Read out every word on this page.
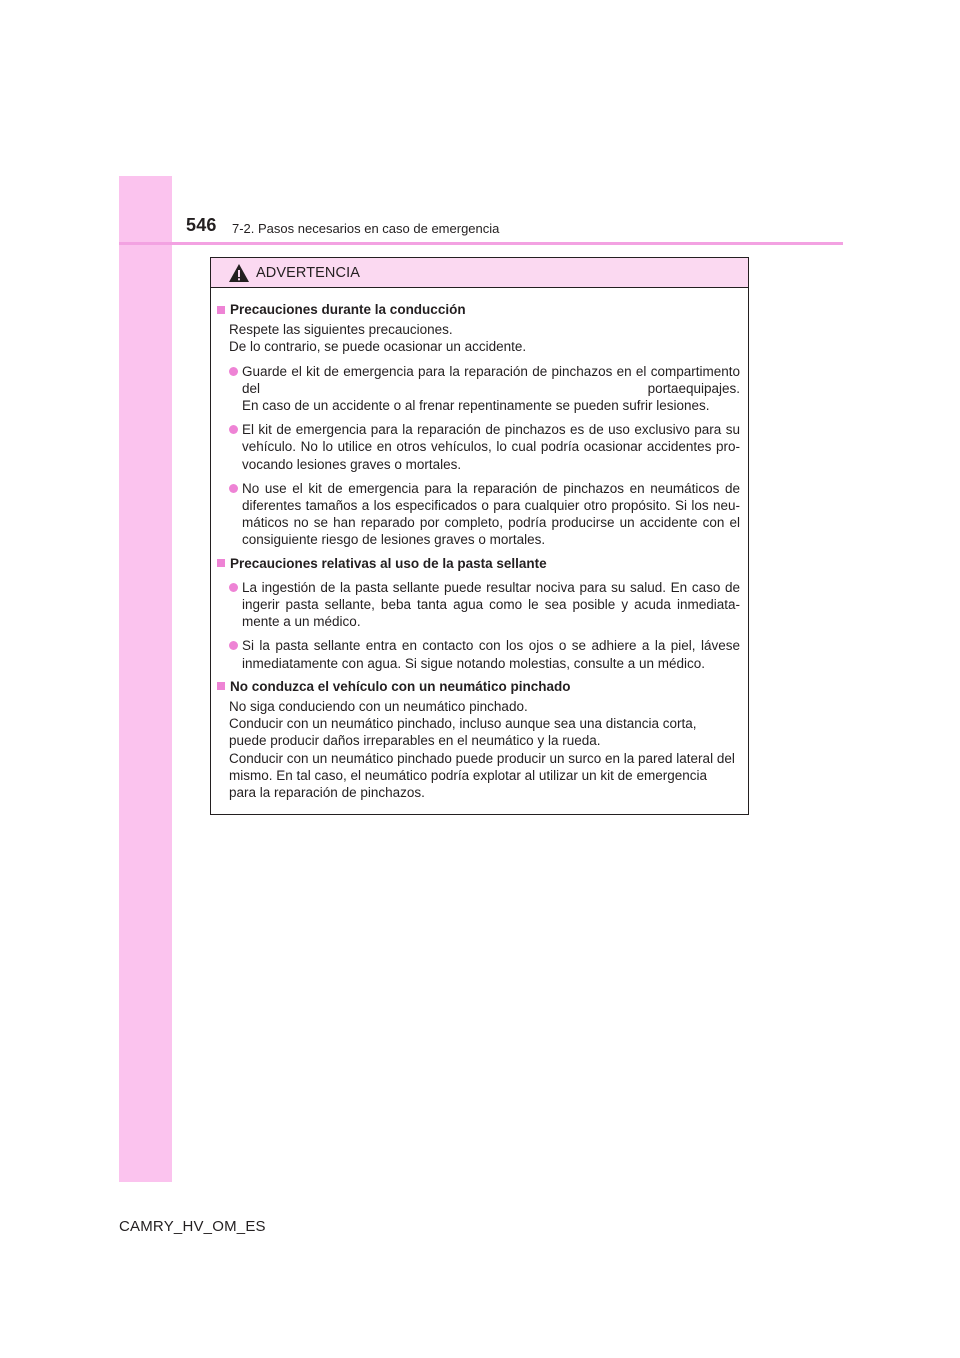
546 7-2. Pasos necesarios en caso de emergencia
ADVERTENCIA
Precauciones durante la conducción
Respete las siguientes precauciones.
De lo contrario, se puede ocasionar un accidente.
Guarde el kit de emergencia para la reparación de pinchazos en el compartimento
del portaequipajes.
En caso de un accidente o al frenar repentinamente se pueden sufrir lesiones.
El kit de emergencia para la reparación de pinchazos es de uso exclusivo para su
vehículo. No lo utilice en otros vehículos, lo cual podría ocasionar accidentes pro-
vocando lesiones graves o mortales.
No use el kit de emergencia para la reparación de pinchazos en neumáticos de
diferentes tamaños a los especificados o para cualquier otro propósito. Si los neu-
máticos no se han reparado por completo, podría producirse un accidente con el
consiguiente riesgo de lesiones graves o mortales.
Precauciones relativas al uso de la pasta sellante
La ingestión de la pasta sellante puede resultar nociva para su salud. En caso de
ingerir pasta sellante, beba tanta agua como le sea posible y acuda inmediata-
mente a un médico.
Si la pasta sellante entra en contacto con los ojos o se adhiere a la piel, lávese
inmediatamente con agua. Si sigue notando molestias, consulte a un médico.
No conduzca el vehículo con un neumático pinchado
No siga conduciendo con un neumático pinchado.
Conducir con un neumático pinchado, incluso aunque sea una distancia corta,
puede producir daños irreparables en el neumático y la rueda.
Conducir con un neumático pinchado puede producir un surco en la pared lateral del
mismo. En tal caso, el neumático podría explotar al utilizar un kit de emergencia
para la reparación de pinchazos.
CAMRY_HV_OM_ES
